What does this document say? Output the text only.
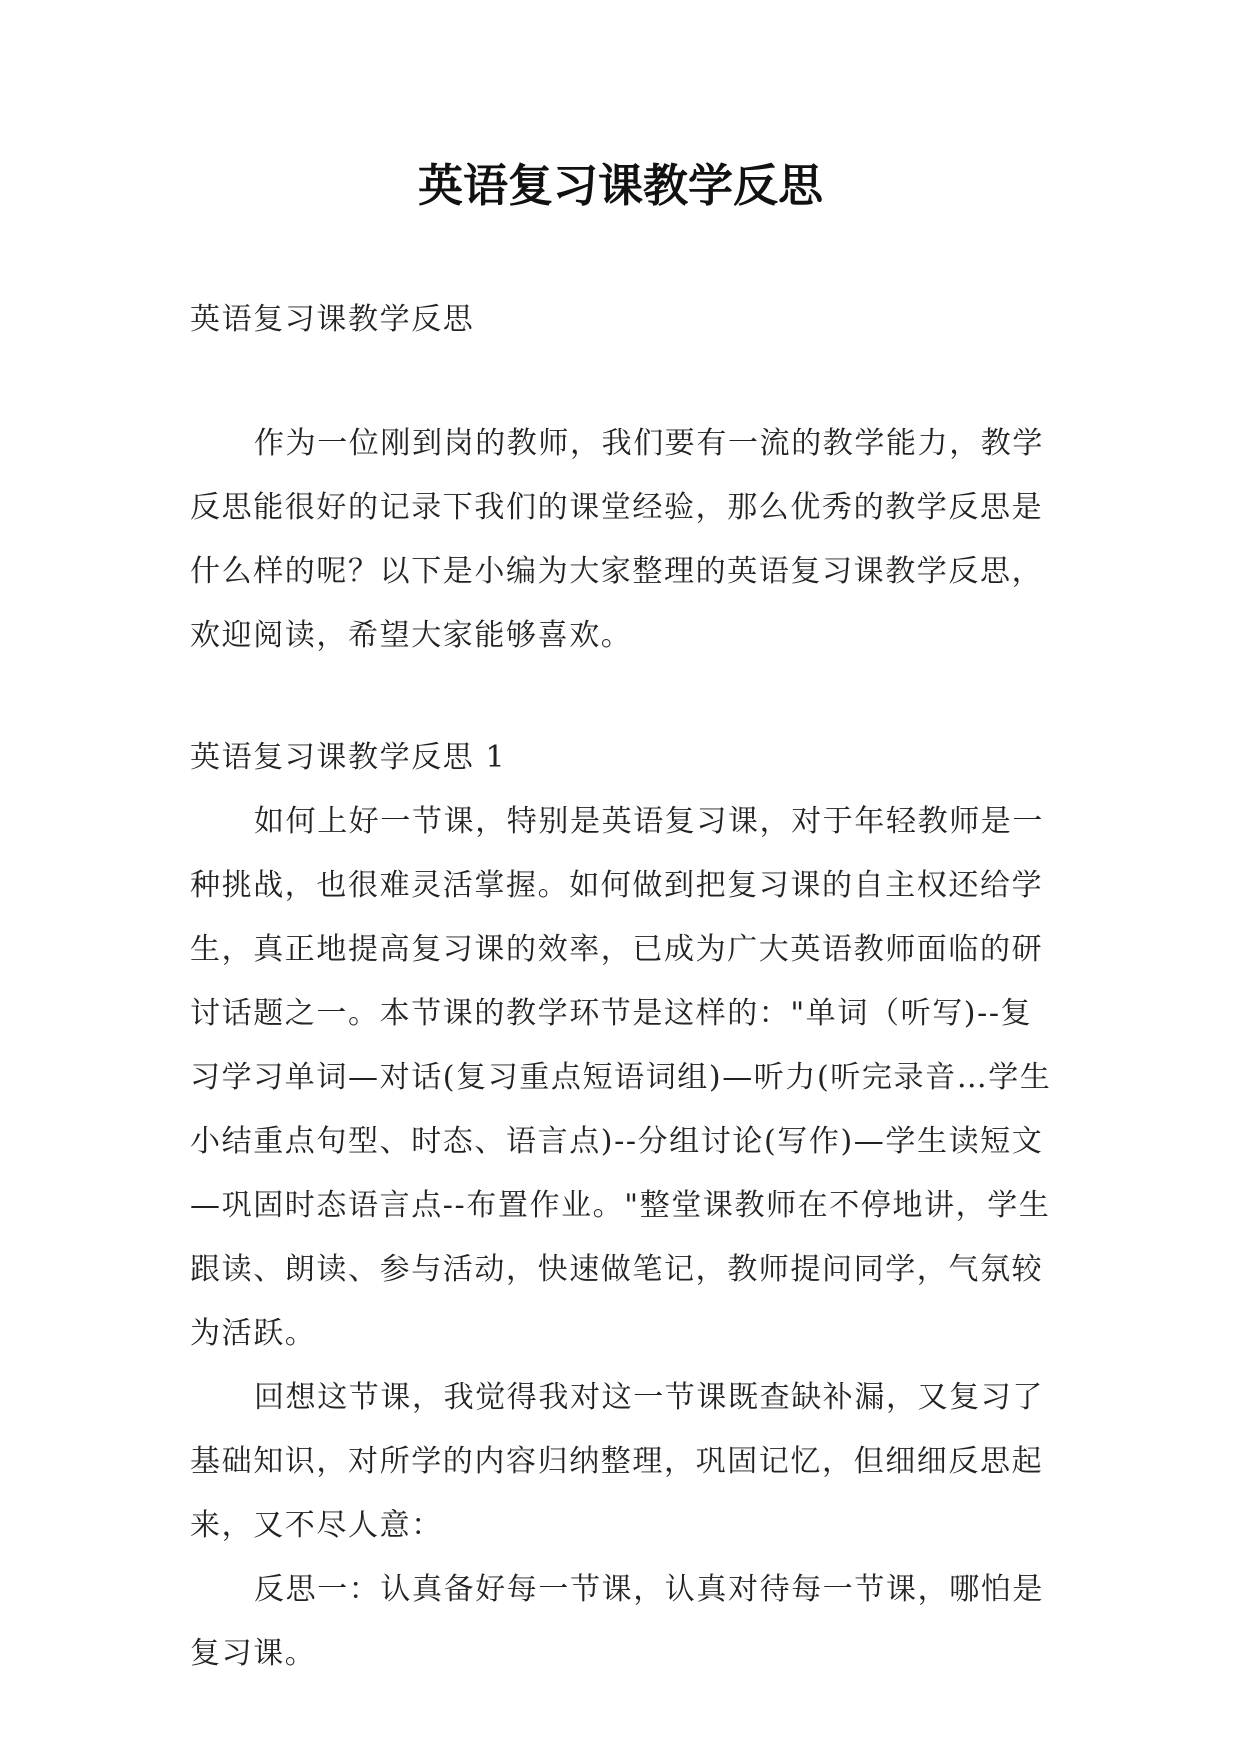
英语复习课教学反思

英语复习课教学反思

作为一位刚到岗的教师，我们要有一流的教学能力，教学反思能很好的记录下我们的课堂经验，那么优秀的教学反思是什么样的呢？以下是小编为大家整理的英语复习课教学反思，欢迎阅读，希望大家能够喜欢。

英语复习课教学反思 1

如何上好一节课，特别是英语复习课，对于年轻教师是一种挑战，也很难灵活掌握。如何做到把复习课的自主权还给学生，真正地提高复习课的效率，已成为广大英语教师面临的研讨话题之一。本节课的教学环节是这样的："单词（听写)--复习学习单词—对话(复习重点短语词组)—听力(听完录音…学生小结重点句型、时态、语言点)--分组讨论(写作)—学生读短文—巩固时态语言点--布置作业。"整堂课教师在不停地讲，学生跟读、朗读、参与活动，快速做笔记，教师提问同学，气氛较为活跃。

回想这节课，我觉得我对这一节课既查缺补漏，又复习了基础知识，对所学的内容归纳整理，巩固记忆，但细细反思起来，又不尽人意：

反思一：认真备好每一节课，认真对待每一节课，哪怕是复习课。
